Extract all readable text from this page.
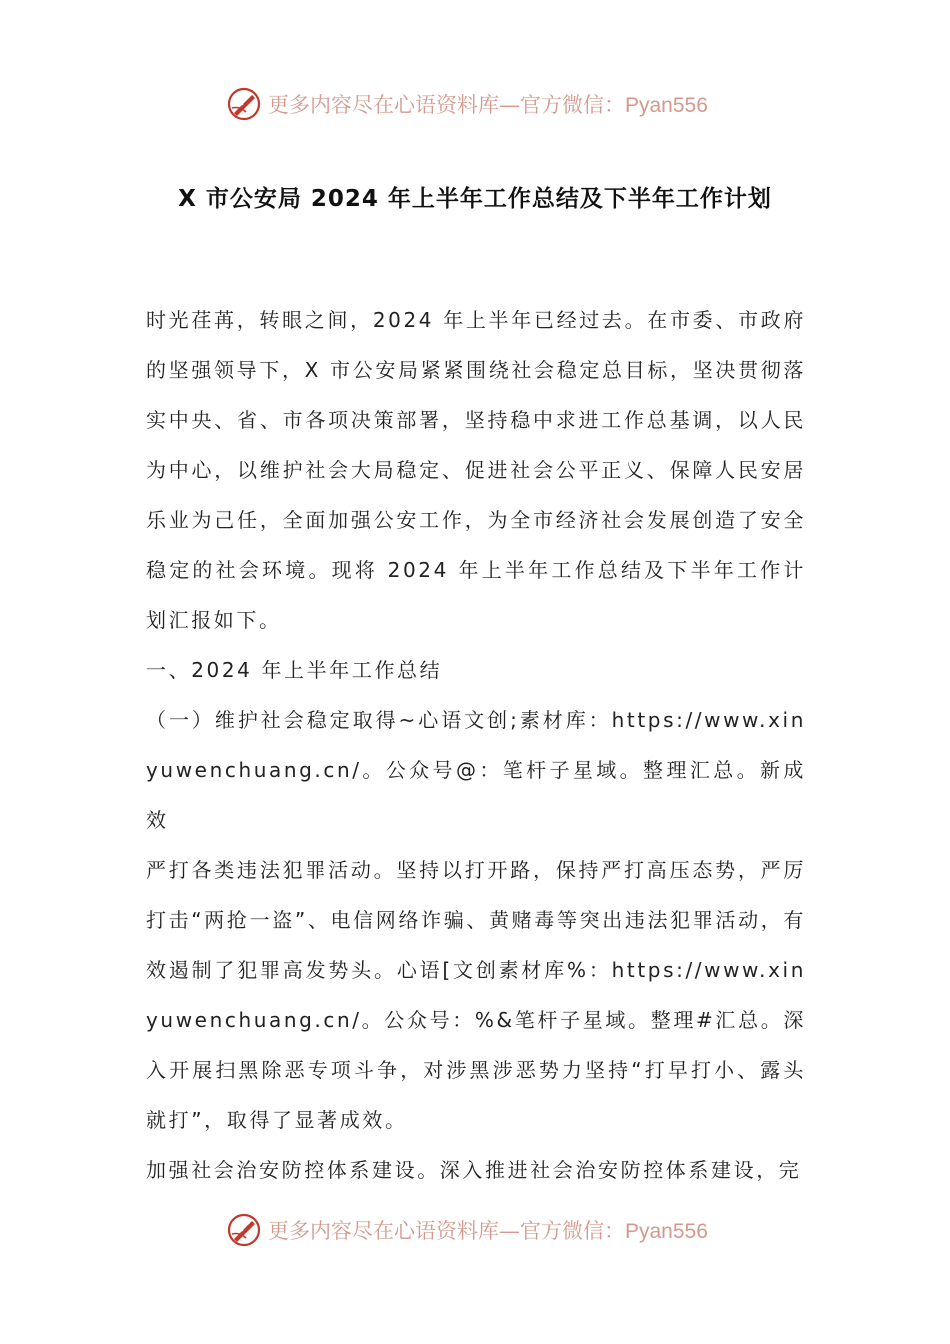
更多内容尽在心语资料库—官方微信：Pyan556
X 市公安局 2024 年上半年工作总结及下半年工作计划

时光荏苒，转眼之间，2024 年上半年已经过去。在市委、市政府的坚强领导下，X 市公安局紧紧围绕社会稳定总目标，坚决贯彻落实中央、省、市各项决策部署，坚持稳中求进工作总基调，以人民为中心，以维护社会大局稳定、促进社会公平正义、保障人民安居乐业为己任，全面加强公安工作，为全市经济社会发展创造了安全稳定的社会环境。现将 2024 年上半年工作总结及下半年工作计划汇报如下。

一、2024 年上半年工作总结

（一）维护社会稳定取得~心语文创;素材库：https://www.xinyuwenchuang.cn/。公众号@：笔杆子星域。整理汇总。新成效

严打各类违法犯罪活动。坚持以打开路，保持严打高压态势，严厉打击“两抢一盗”、电信网络诈骗、黄赌毒等突出违法犯罪活动，有效遏制了犯罪高发势头。心语[文创素材库%：https://www.xinyuwenchuang.cn/。公众号：%&笔杆子星域。整理#汇总。深入开展扫黑除恶专项斗争，对涉黑涉恶势力坚持“打早打小、露头就打”，取得了显著成效。

加强社会治安防控体系建设。深入推进社会治安防控体系建设，完

更多内容尽在心语资料库—官方微信：Pyan556
